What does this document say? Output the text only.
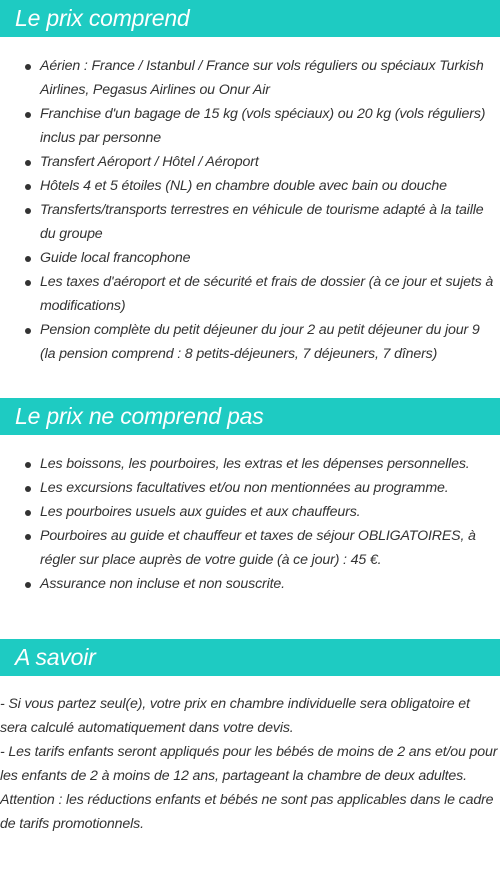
Le prix comprend
Aérien : France / Istanbul / France sur vols réguliers ou spéciaux Turkish Airlines, Pegasus Airlines ou Onur Air
Franchise d'un bagage de 15 kg (vols spéciaux) ou 20 kg (vols réguliers) inclus par personne
Transfert Aéroport / Hôtel / Aéroport
Hôtels 4 et 5 étoiles (NL) en chambre double avec bain ou douche
Transferts/transports terrestres en véhicule de tourisme adapté à la taille du groupe
Guide local francophone
Les taxes d'aéroport et de sécurité et frais de dossier (à ce jour et sujets à modifications)
Pension complète du petit déjeuner du jour 2 au petit déjeuner du jour 9 (la pension comprend : 8 petits-déjeuners, 7 déjeuners, 7 dîners)
Le prix ne comprend pas
Les boissons, les pourboires, les extras et les dépenses personnelles.
Les excursions facultatives et/ou non mentionnées au programme.
Les pourboires usuels aux guides et aux chauffeurs.
Pourboires au guide et chauffeur et taxes de séjour OBLIGATOIRES, à régler sur place auprès de votre guide (à ce jour) : 45 €.
Assurance non incluse et non souscrite.
A savoir

- Si vous partez seul(e), votre prix en chambre individuelle sera obligatoire et sera calculé automatiquement dans votre devis.

- Les tarifs enfants seront appliqués pour les bébés de moins de 2 ans et/ou pour les enfants de 2 à moins de 12 ans, partageant la chambre de deux adultes. Attention : les réductions enfants et bébés ne sont pas applicables dans le cadre de tarifs promotionnels.
